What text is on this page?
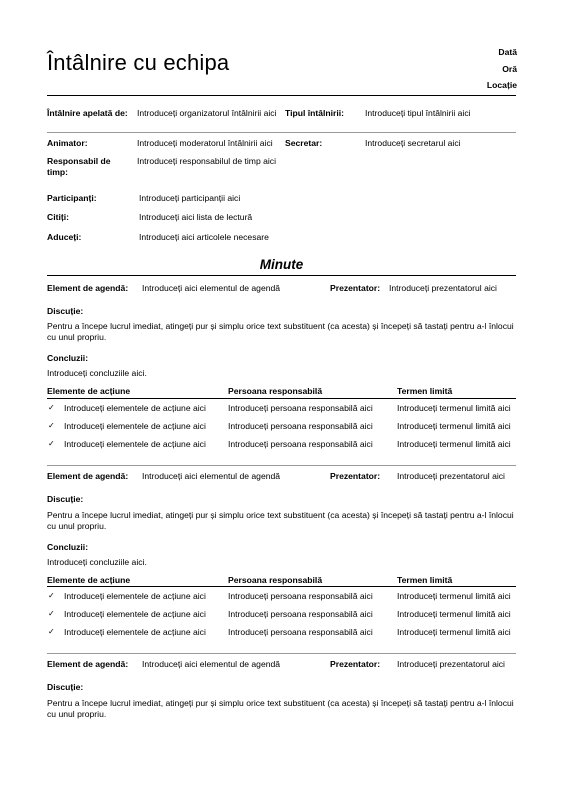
Întâlnire cu echipa	Dată
Oră
Locație
Întâlnire apelată de:	Introduceți organizatorul întâlnirii aici Tipul întâlnirii: Introduceți tipul întâlnirii aici
Animator:	Introduceți moderatorul întâlnirii aici Secretar:	Introduceți secretarul aici
Responsabil de timp:
Introduceți responsabilul de timp aici
Participanți:	Introduceți participanții aici
Citiți:	Introduceți aici lista de lectură
Aduceți:	Introduceți aici articolele necesare
Minute
Element de agendă: Introduceți aici elementul de agendă	Prezentator: Introduceți prezentatorul aici
Discuție:
Pentru a începe lucrul imediat, atingeți pur și simplu orice text substituent (ca acesta) și începeți să tastați pentru a-l înlocui cu unul propriu.
Concluzii:
Introduceți concluziile aici.
Elemente de acțiune	Persoana responsabilă	Termen limită
✓ Introduceți elementele de acțiune aici	Introduceți persoana responsabilă aici	Introduceți termenul limită aici
✓ Introduceți elementele de acțiune aici	Introduceți persoana responsabilă aici	Introduceți termenul limită aici
✓ Introduceți elementele de acțiune aici	Introduceți persoana responsabilă aici	Introduceți termenul limită aici
Element de agendă: Introduceți aici elementul de agendă	Prezentator: Introduceți prezentatorul aici
Discuție:
Pentru a începe lucrul imediat, atingeți pur și simplu orice text substituent (ca acesta) și începeți să tastați pentru a-l înlocui cu unul propriu.
Concluzii:
Introduceți concluziile aici.
Elemente de acțiune	Persoana responsabilă	Termen limită
✓ Introduceți elementele de acțiune aici	Introduceți persoana responsabilă aici	Introduceți termenul limită aici
✓ Introduceți elementele de acțiune aici	Introduceți persoana responsabilă aici	Introduceți termenul limită aici
✓ Introduceți elementele de acțiune aici	Introduceți persoana responsabilă aici	Introduceți termenul limită aici
Element de agendă: Introduceți aici elementul de agendă	Prezentator: Introduceți prezentatorul aici
Discuție:
Pentru a începe lucrul imediat, atingeți pur și simplu orice text substituent (ca acesta) și începeți să tastați pentru a-l înlocui cu unul propriu.
